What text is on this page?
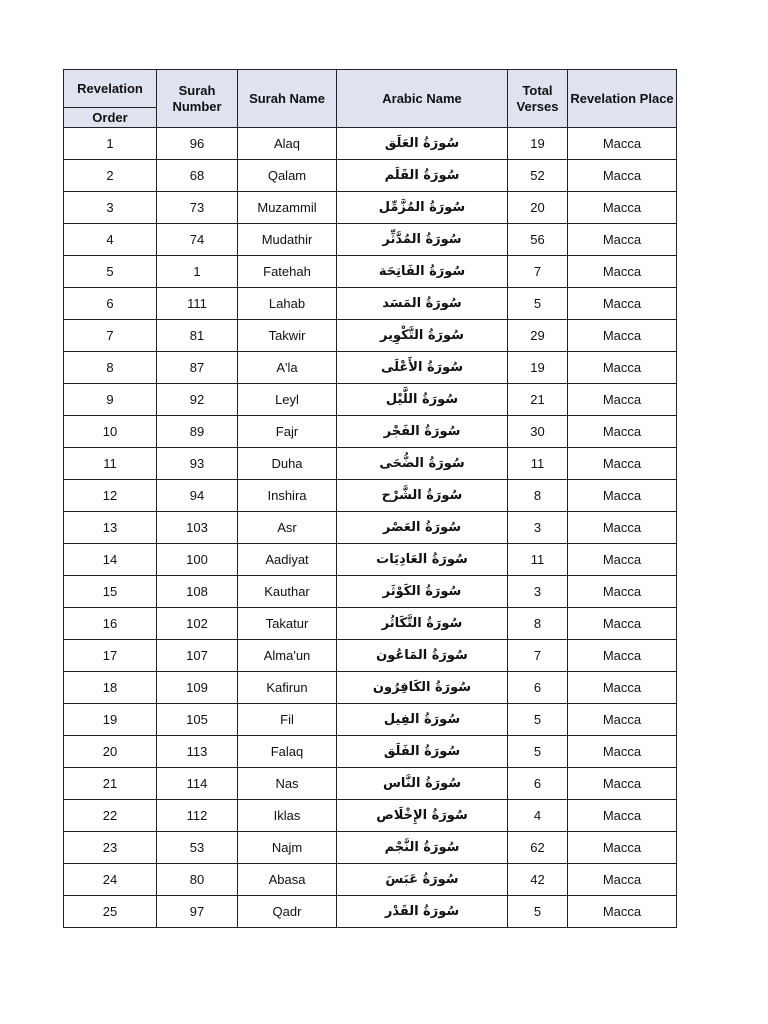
Revelation	Surah Number	Surah Name	Arabic Name	Total Verses	Revelation Place
Order					
1	96	Alaq	سُورَةُ العَلَق	19	Macca
2	68	Qalam	سُورَةُ القَلَم	52	Macca
3	73	Muzammil	سُورَةُ المُزَّمِّل	20	Macca
4	74	Mudathir	سُورَةُ المُدَّثِّر	56	Macca
5	1	Fatehah	سُورَةُ الفَاتِحَة	7	Macca
6	111	Lahab	سُورَةُ المَسَد	5	Macca
7	81	Takwir	سُورَةُ التَّكْوِير	29	Macca
8	87	A'la	سُورَةُ الأَعْلَى	19	Macca
9	92	Leyl	سُورَةُ اللَّيْل	21	Macca
10	89	Fajr	سُورَةُ الفَجْر	30	Macca
11	93	Duha	سُورَةُ الضُّحَى	11	Macca
12	94	Inshira	سُورَةُ الشَّرْح	8	Macca
13	103	Asr	سُورَةُ العَصْر	3	Macca
14	100	Aadiyat	سُورَةُ العَادِيَات	11	Macca
15	108	Kauthar	سُورَةُ الكَوْثَر	3	Macca
16	102	Takatur	سُورَةُ التَّكَاثُر	8	Macca
17	107	Alma'un	سُورَةُ المَاعُون	7	Macca
18	109	Kafirun	سُورَةُ الكَافِرُون	6	Macca
19	105	Fil	سُورَةُ الفِيل	5	Macca
20	113	Falaq	سُورَةُ الفَلَق	5	Macca
21	114	Nas	سُورَةُ النَّاس	6	Macca
22	112	Iklas	سُورَةُ الإِخْلَاص	4	Macca
23	53	Najm	سُورَةُ النَّجْم	62	Macca
24	80	Abasa	سُورَةُ عَبَسَ	42	Macca
25	97	Qadr	سُورَةُ القَدْر	5	Macca
